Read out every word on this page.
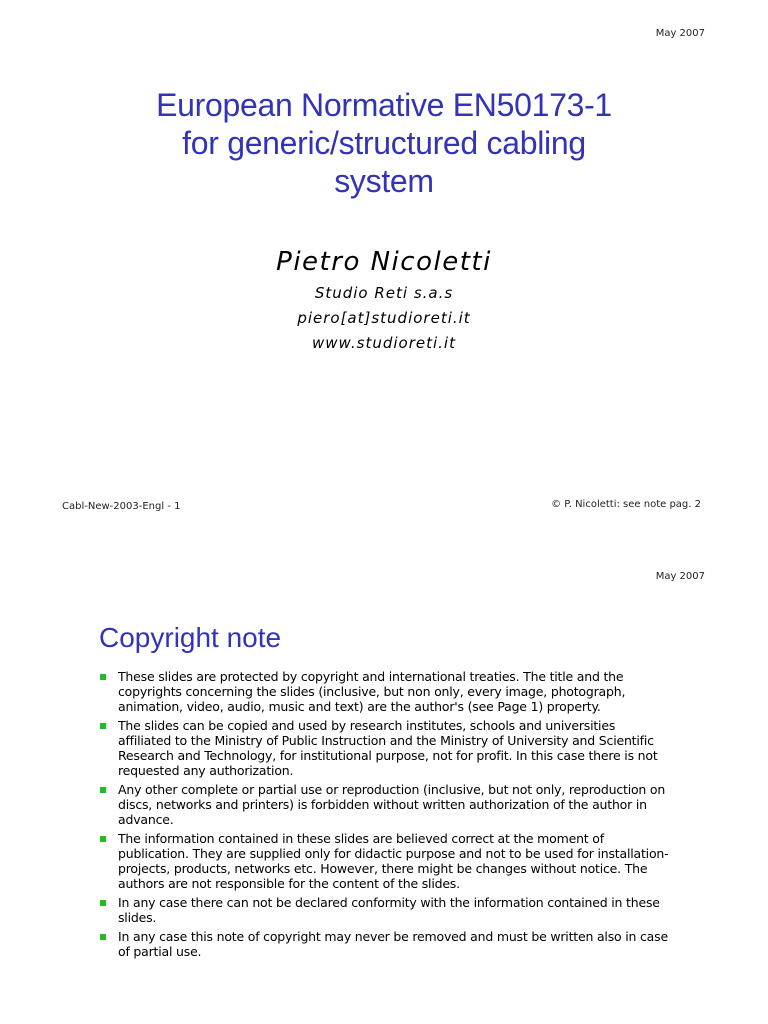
May 2007
European Normative EN50173-1
for generic/structured cabling
system
Pietro Nicoletti
Studio Reti s.a.s
piero[at]studioreti.it
www.studioreti.it
Cabl-New-2003-Engl - 1	© P. Nicoletti: see note pag. 2
May 2007
Copyright note
These slides are protected by copyright and international treaties. The title and the copyrights concerning the slides (inclusive, but non only, every image, photograph, animation, video, audio, music and text) are the author's (see Page 1) property.
The slides can be copied and used by research institutes, schools and universities affiliated to the Ministry of Public Instruction and the Ministry of University and Scientific Research and Technology, for institutional purpose, not for profit. In this case there is not requested any authorization.
Any other complete or partial use or reproduction (inclusive, but not only, reproduction on discs, networks and printers) is forbidden without written authorization of the author in advance.
The information contained in these slides are believed correct at the moment of publication. They are supplied only for didactic purpose and not to be used for installation-projects, products, networks etc. However, there might be changes without notice. The authors are not responsible for the content of the slides.
In any case there can not be declared conformity with the information contained in these slides.
In any case this note of copyright may never be removed and must be written also in case of partial use.
